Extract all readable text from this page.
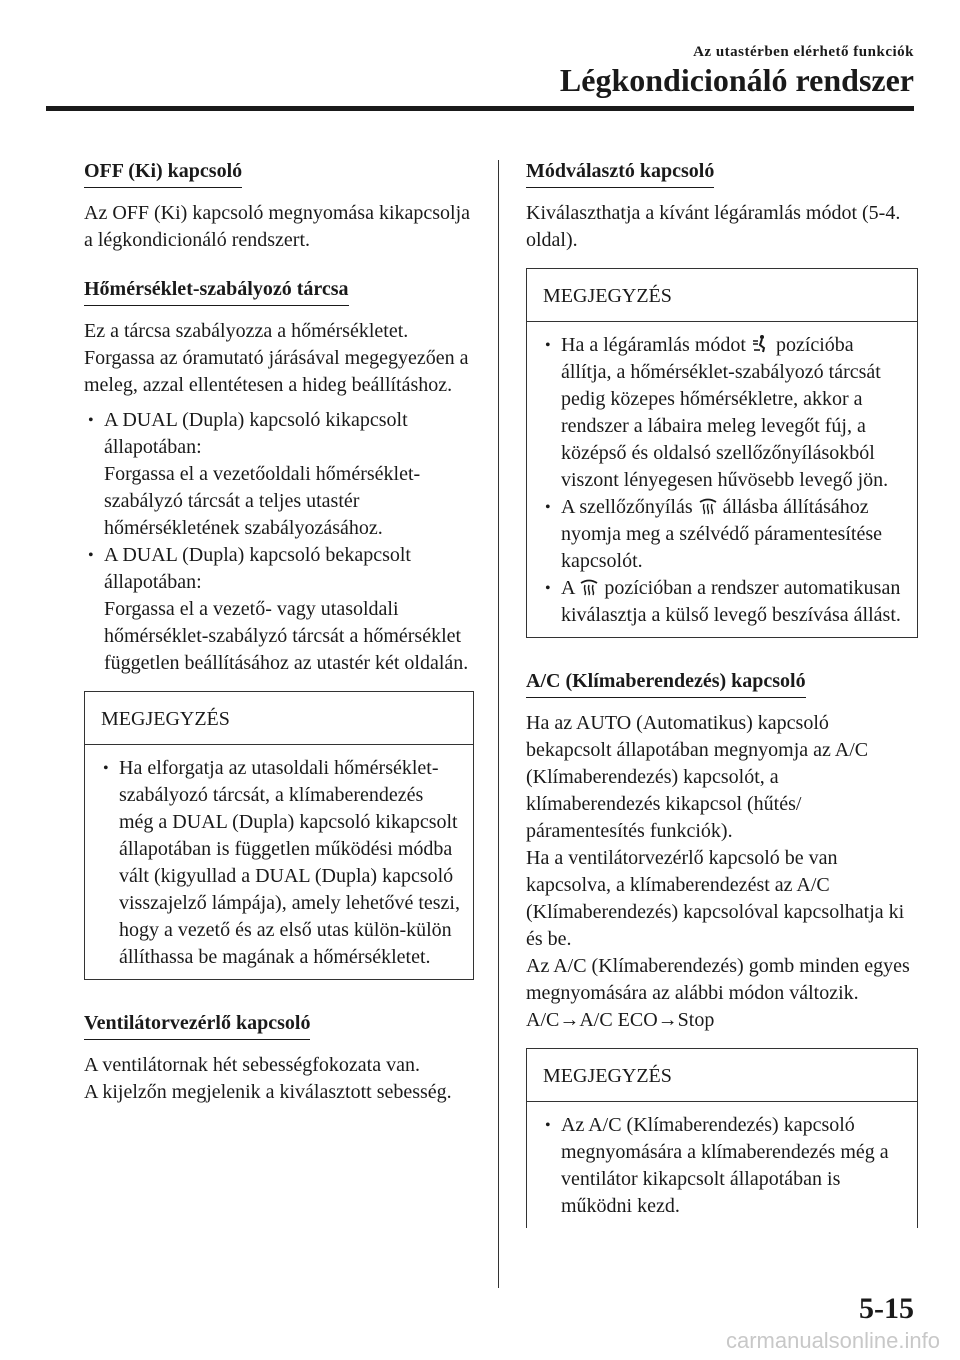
Az utastérben elérhető funkciók
Légkondicionáló rendszer
OFF (Ki) kapcsoló

Az OFF (Ki) kapcsoló megnyomása kikapcsolja a légkondicionáló rendszert.

Hőmérséklet-szabályozó tárcsa

Ez a tárcsa szabályozza a hőmérsékletet. Forgassa az óramutató járásával megegyezően a meleg, azzal ellentétesen a hideg beállításhoz.

• A DUAL (Dupla) kapcsoló kikapcsolt állapotában:
Forgassa el a vezetőoldali hőmérséklet-szabályzó tárcsát a teljes utastér hőmérsékletének szabályozásához.
• A DUAL (Dupla) kapcsoló bekapcsolt állapotában:
Forgassa el a vezető- vagy utasoldali hőmérséklet-szabályzó tárcsát a hőmérséklet független beállításához az utastér két oldalán.
MEGJEGYZÉS
• Ha elforgatja az utasoldali hőmérséklet-szabályozó tárcsát, a klímaberendezés még a DUAL (Dupla) kapcsoló kikapcsolt állapotában is független működési módba vált (kigyullad a DUAL (Dupla) kapcsoló visszajelző lámpája), amely lehetővé teszi, hogy a vezető és az első utas külön-külön állíthassa be magának a hőmérsékletet.
Ventilátorvezérlő kapcsoló

A ventilátornak hét sebességfokozata van.

A kijelzőn megjelenik a kiválasztott sebesség.

Módválasztó kapcsoló

Kiválaszthatja a kívánt légáramlás módot (5-4. oldal).

MEGJEGYZÉS
• Ha a légáramlás módot pozícióba állítja, a hőmérséklet-szabályozó tárcsát pedig közepes hőmérsékletre, akkor a rendszer a lábaira meleg levegőt fúj, a középső és oldalsó szellőzőnyílásokból viszont lényegesen hűvösebb levegő jön.
• A szellőzőnyílás állásba állításához nyomja meg a szélvédő páramentesítése kapcsolót.
• A pozícióban a rendszer automatikusan kiválasztja a külső levegő beszívása állást.
A/C (Klímaberendezés) kapcsoló

Ha az AUTO (Automatikus) kapcsoló bekapcsolt állapotában megnyomja az A/C (Klímaberendezés) kapcsolót, a klímaberendezés kikapcsol (hűtés/ páramentesítés funkciók).

Ha a ventilátorvezérlő kapcsoló be van kapcsolva, a klímaberendezést az A/C (Klímaberendezés) kapcsolóval kapcsolhatja ki és be.

Az A/C (Klímaberendezés) gomb minden egyes megnyomására az alábbi módon változik.

A/C→A/C ECO→Stop

MEGJEGYZÉS
• Az A/C (Klímaberendezés) kapcsoló megnyomására a klímaberendezés még a ventilátor kikapcsolt állapotában is működni kezd.
5-15
carmanualsonline.info
